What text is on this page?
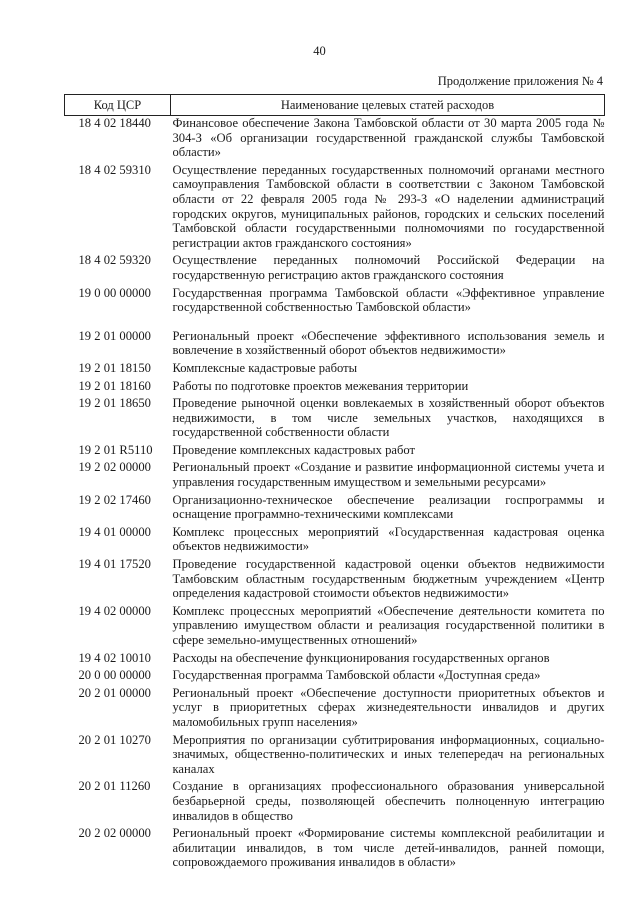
40
Продолжение приложения № 4
Код ЦСР	Наименование целевых статей расходов
18 4 02 18440	Финансовое обеспечение Закона Тамбовской области от 30 марта 2005 года № 304-З «Об организации государственной гражданской службы Тамбовской области»
18 4 02 59310	Осуществление переданных государственных полномочий органами местного самоуправления Тамбовской области в соответствии с Законом Тамбовской области от 22 февраля 2005 года № 293-З «О наделении администраций городских округов, муниципальных районов, городских и сельских поселений Тамбовской области государственными полномочиями по государственной регистрации актов гражданского состояния»
18 4 02 59320	Осуществление переданных полномочий Российской Федерации на государственную регистрацию актов гражданского состояния
19 0 00 00000	Государственная программа Тамбовской области «Эффективное управление государственной собственностью Тамбовской области»
19 2 01 00000	Региональный проект «Обеспечение эффективного использования земель и вовлечение в хозяйственный оборот объектов недвижимости»
19 2 01 18150	Комплексные кадастровые работы
19 2 01 18160	Работы по подготовке проектов межевания территории
19 2 01 18650	Проведение рыночной оценки вовлекаемых в хозяйственный оборот объектов недвижимости, в том числе земельных участков, находящихся в государственной собственности области
19 2 01 R5110	Проведение комплексных кадастровых работ
19 2 02 00000	Региональный проект «Создание и развитие информационной системы учета и управления государственным имуществом и земельными ресурсами»
19 2 02 17460	Организационно-техническое обеспечение реализации госпрограммы и оснащение программно-техническими комплексами
19 4 01 00000	Комплекс процессных мероприятий «Государственная кадастровая оценка объектов недвижимости»
19 4 01 17520	Проведение государственной кадастровой оценки объектов недвижимости Тамбовским областным государственным бюджетным учреждением «Центр определения кадастровой стоимости объектов недвижимости»
19 4 02 00000	Комплекс процессных мероприятий «Обеспечение деятельности комитета по управлению имуществом области и реализация государственной политики в сфере земельно-имущественных отношений»
19 4 02 10010	Расходы на обеспечение функционирования государственных органов
20 0 00 00000	Государственная программа Тамбовской области «Доступная среда»
20 2 01 00000	Региональный проект «Обеспечение доступности приоритетных объектов и услуг в приоритетных сферах жизнедеятельности инвалидов и других маломобильных групп населения»
20 2 01 10270	Мероприятия по организации субтитрирования информационных, социально-значимых, общественно-политических и иных телепередач на региональных каналах
20 2 01 11260	Создание в организациях профессионального образования универсальной безбарьерной среды, позволяющей обеспечить полноценную интеграцию инвалидов в общество
20 2 02 00000	Региональный проект «Формирование системы комплексной реабилитации и абилитации инвалидов, в том числе детей-инвалидов, ранней помощи, сопровождаемого проживания инвалидов в области»
